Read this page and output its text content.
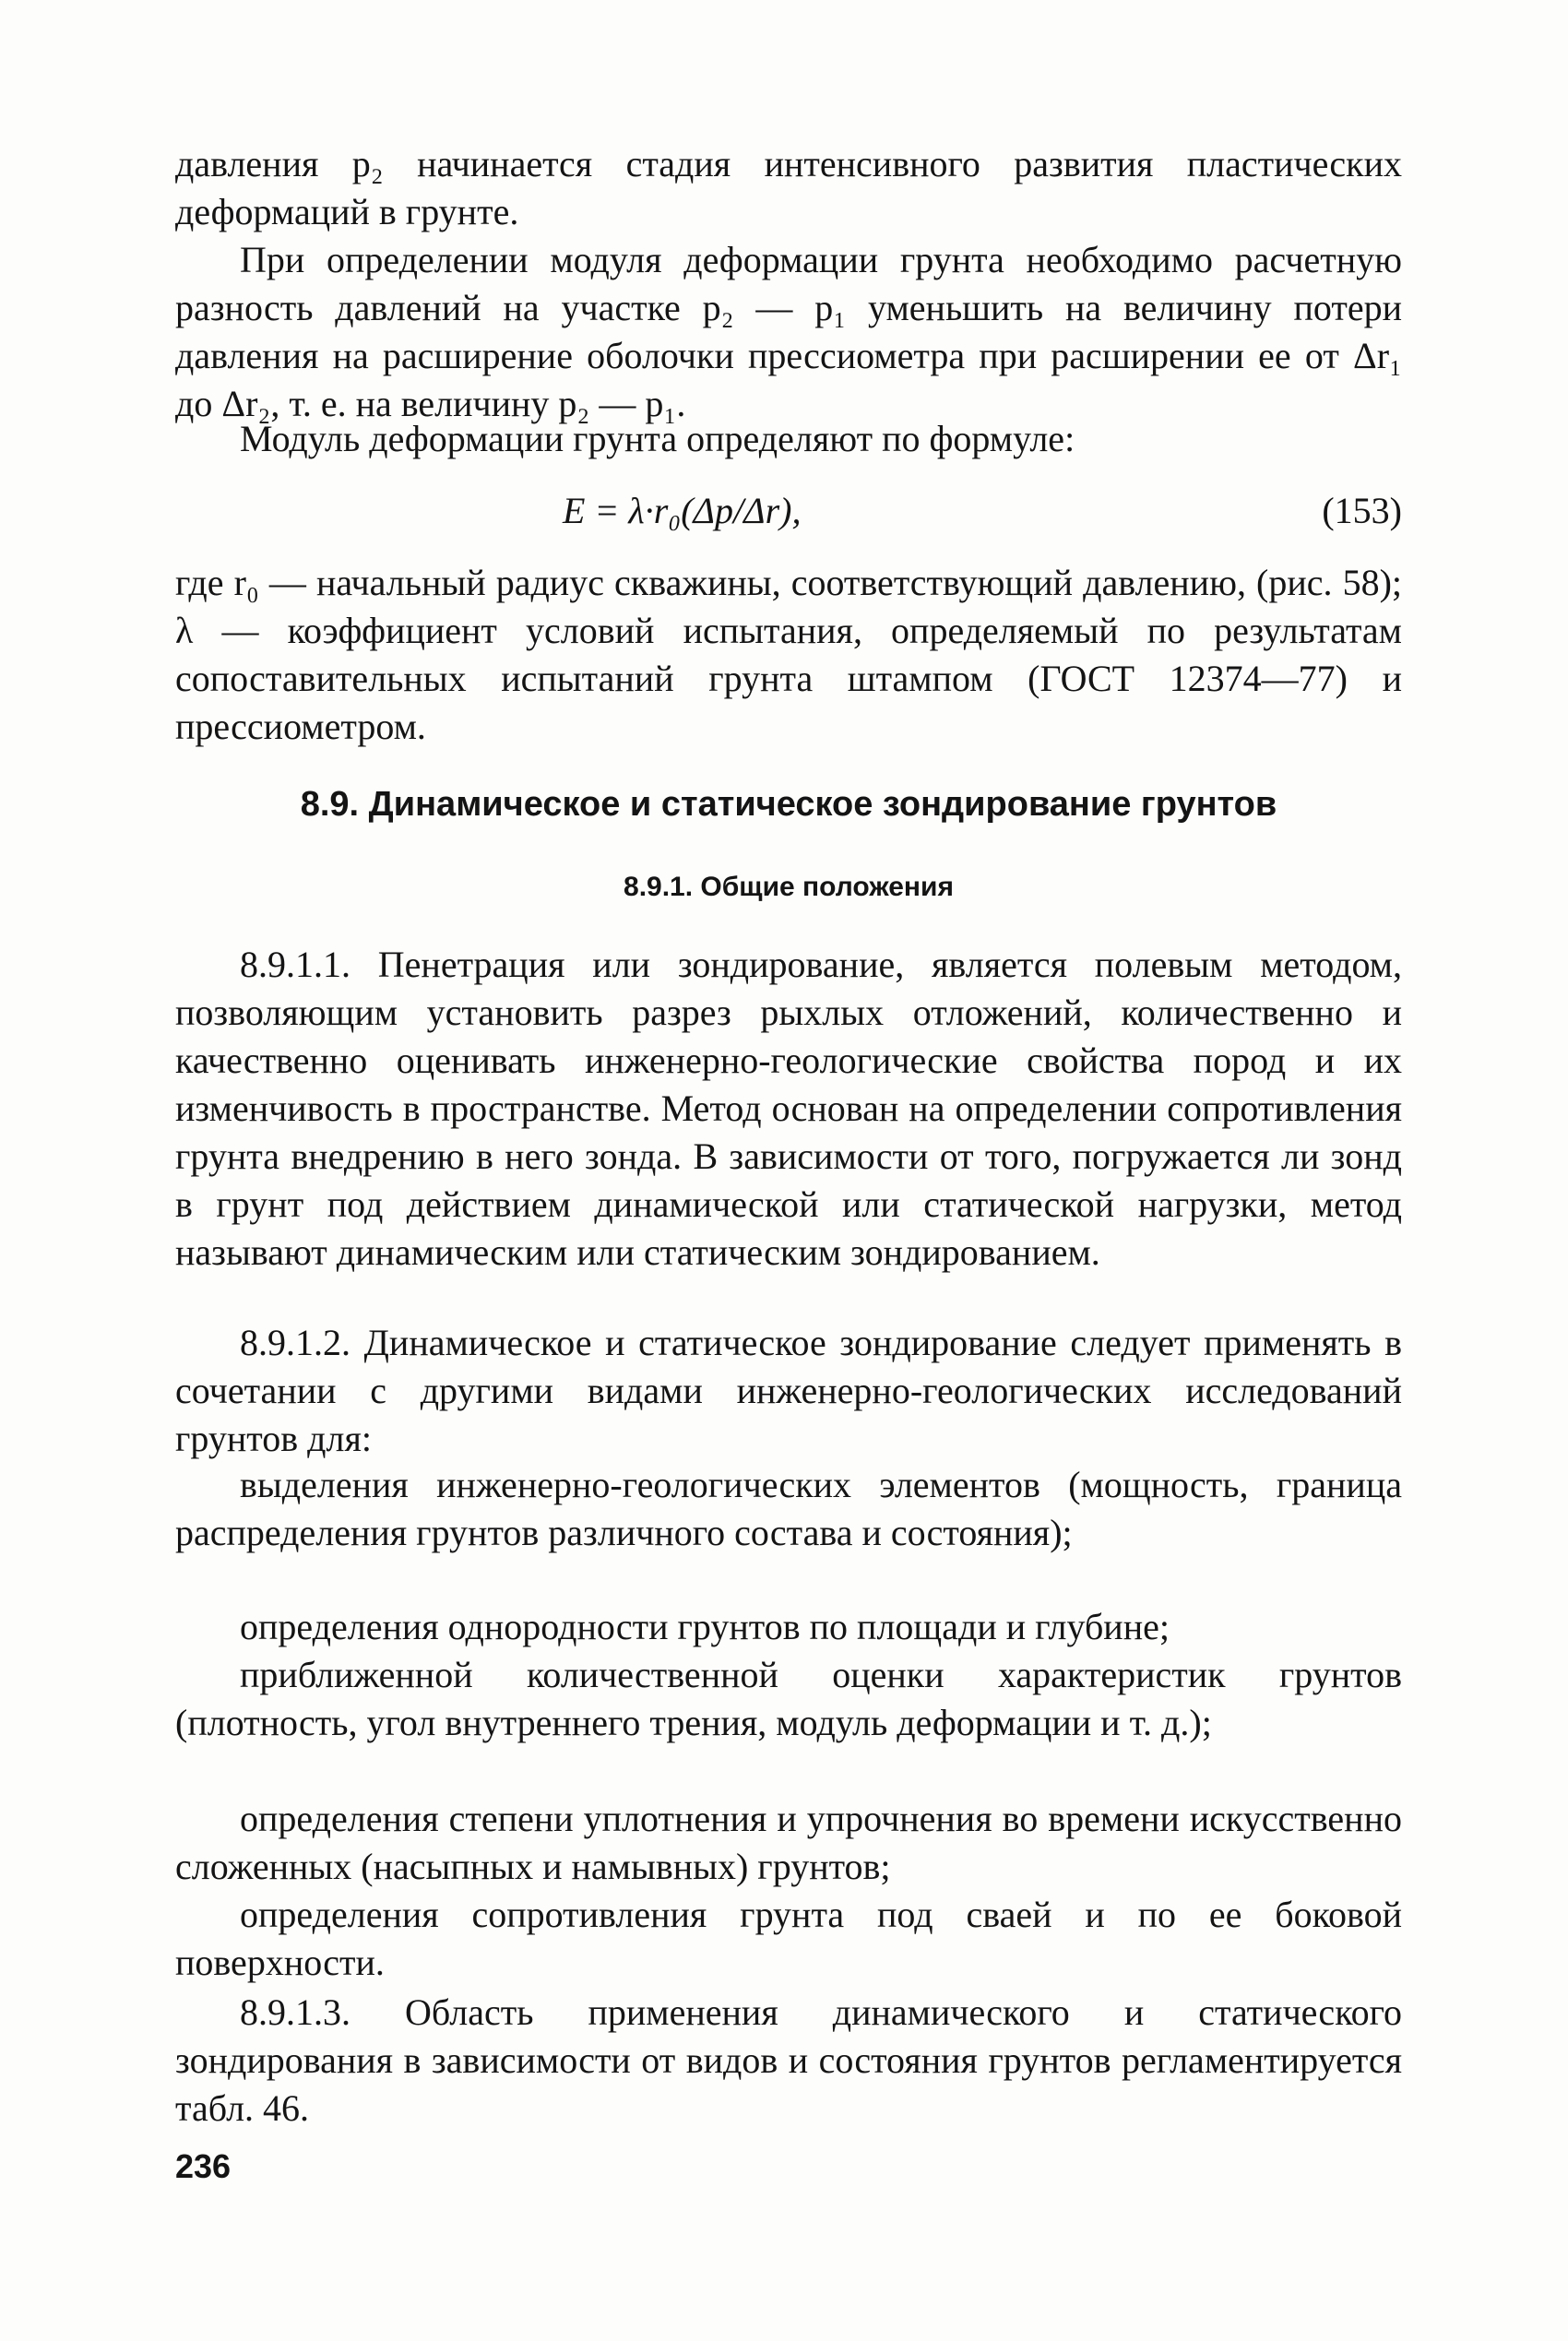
давления p₂ начинается стадия интенсивного развития пластических деформаций в грунте.

При определении модуля деформации грунта необходимо расчетную разность давлений на участке p₂ — p₁ уменьшить на величину потери давления на расширение оболочки прессиометра при расширении ее от Δr₁ до Δr₂, т. е. на величину p₂ — p₁.

Модуль деформации грунта определяют по формуле:

E = λ·r₀(Δp/Δr),	(153)

где r₀ — начальный радиус скважины, соответствующий давлению, (рис. 58); λ — коэффициент условий испытания, определяемый по результатам сопоставительных испытаний грунта штампом (ГОСТ 12374—77) и прессиометром.

8.9. Динамическое и статическое зондирование грунтов
8.9.1. Общие положения

8.9.1.1. Пенетрация или зондирование, является полевым методом, позволяющим установить разрез рыхлых отложений, количественно и качественно оценивать инженерно-геологические свойства пород и их изменчивость в пространстве. Метод основан на определении сопротивления грунта внедрению в него зонда. В зависимости от того, погружается ли зонд в грунт под действием динамической или статической нагрузки, метод называют динамическим или статическим зондированием.

8.9.1.2. Динамическое и статическое зондирование следует применять в сочетании с другими видами инженерно-геологических исследований грунтов для:

выделения инженерно-геологических элементов (мощность, граница распределения грунтов различного состава и состояния);

определения однородности грунтов по площади и глубине;

приближенной количественной оценки характеристик грунтов (плотность, угол внутреннего трения, модуль деформации и т. д.);

определения степени уплотнения и упрочнения во времени искусственно сложенных (насыпных и намывных) грунтов;

определения сопротивления грунта под сваей и по ее боковой поверхности.

8.9.1.3. Область применения динамического и статического зондирования в зависимости от видов и состояния грунтов регламентируется табл. 46.

236
